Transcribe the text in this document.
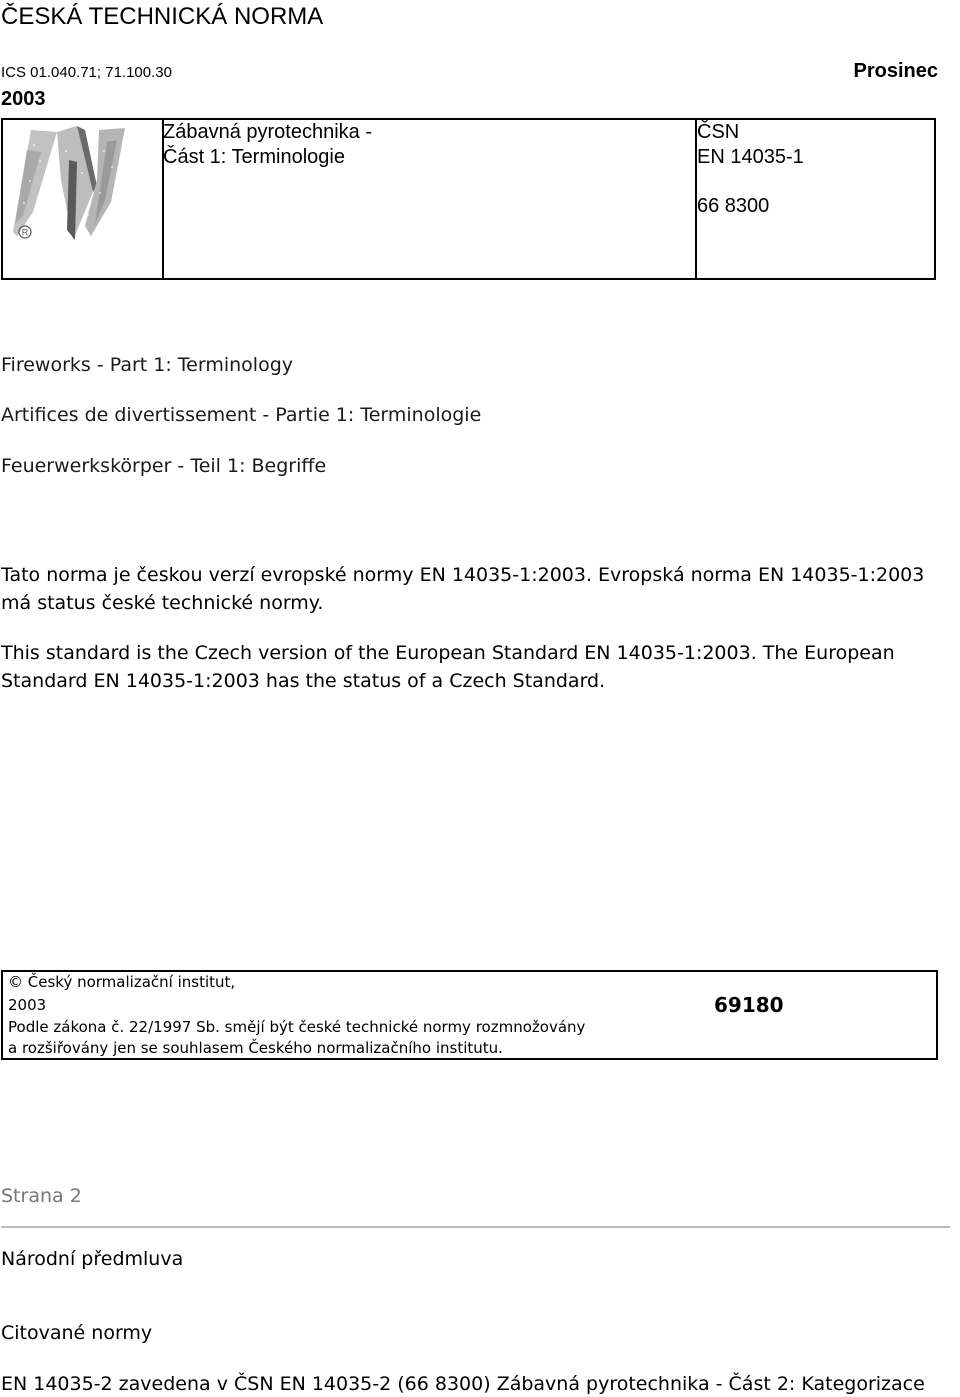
ČESKÁ TECHNICKÁ NORMA
ICS 01.040.71; 71.100.30	Prosinec
2003
R
Zábavná pyrotechnika -
Část 1: Terminologie
ČSN
EN 14035-1
66 8300
Fireworks - Part 1: Terminology
Artifices de divertissement - Partie 1: Terminologie
Feuerwerkskörper - Teil 1: Begriffe
Tato norma je českou verzí evropské normy EN 14035-1:2003. Evropská norma EN 14035-1:2003 má status české technické normy.
This standard is the Czech version of the European Standard EN 14035-1:2003. The European Standard EN 14035-1:2003 has the status of a Czech Standard.
© Český normalizační institut,
2003	69180
Podle zákona č. 22/1997 Sb. smějí být české technické normy rozmnožovány
a rozšiřovány jen se souhlasem Českého normalizačního institutu.
Strana 2
Národní předmluva
Citované normy
EN 14035-2 zavedena v ČSN EN 14035-2 (66 8300) Zábavná pyrotechnika - Část 2: Kategorizace
